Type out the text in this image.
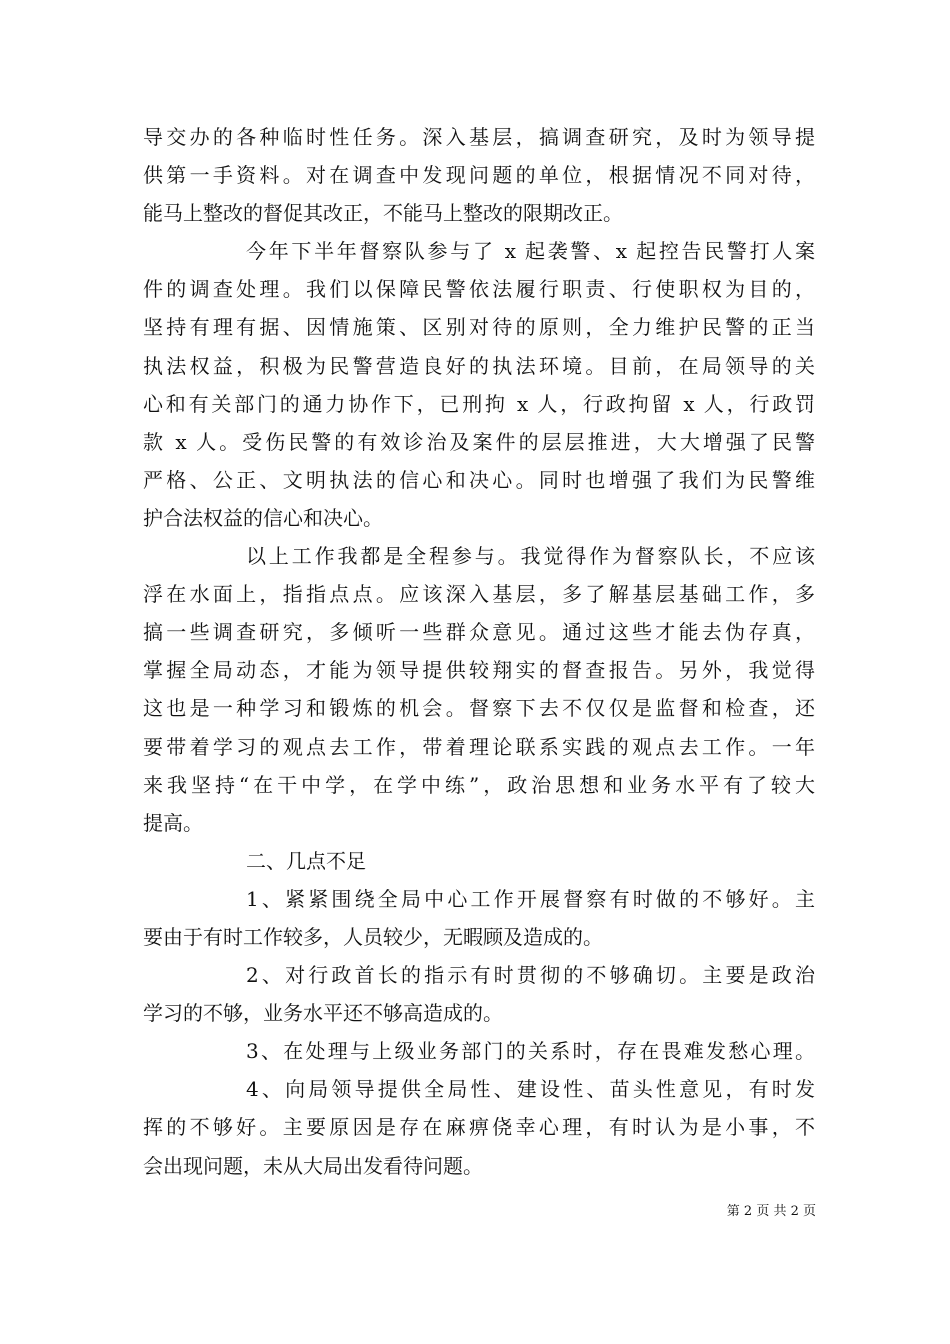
导交办的各种临时性任务。深入基层，搞调查研究，及时为领导提
供第一手资料。对在调查中发现问题的单位，根据情况不同对待，
能马上整改的督促其改正，不能马上整改的限期改正。
今年下半年督察队参与了 x 起袭警、x 起控告民警打人案
件的调查处理。我们以保障民警依法履行职责、行使职权为目的，
坚持有理有据、因情施策、区别对待的原则，全力维护民警的正当
执法权益，积极为民警营造良好的执法环境。目前，在局领导的关
心和有关部门的通力协作下，已刑拘 x 人，行政拘留 x 人，行政罚
款 x 人。受伤民警的有效诊治及案件的层层推进，大大增强了民警
严格、公正、文明执法的信心和决心。同时也增强了我们为民警维
护合法权益的信心和决心。
以上工作我都是全程参与。我觉得作为督察队长，不应该
浮在水面上，指指点点。应该深入基层，多了解基层基础工作，多
搞一些调查研究，多倾听一些群众意见。通过这些才能去伪存真，
掌握全局动态，才能为领导提供较翔实的督查报告。另外，我觉得
这也是一种学习和锻炼的机会。督察下去不仅仅是监督和检查，还
要带着学习的观点去工作，带着理论联系实践的观点去工作。一年
来我坚持“在干中学，在学中练”，政治思想和业务水平有了较大
提高。
二、几点不足
1、紧紧围绕全局中心工作开展督察有时做的不够好。主
要由于有时工作较多，人员较少，无暇顾及造成的。
2、对行政首长的指示有时贯彻的不够确切。主要是政治
学习的不够，业务水平还不够高造成的。
3、在处理与上级业务部门的关系时，存在畏难发愁心理。
4、向局领导提供全局性、建设性、苗头性意见，有时发
挥的不够好。主要原因是存在麻痹侥幸心理，有时认为是小事，不
会出现问题，未从大局出发看待问题。
第 2 页 共 2 页
